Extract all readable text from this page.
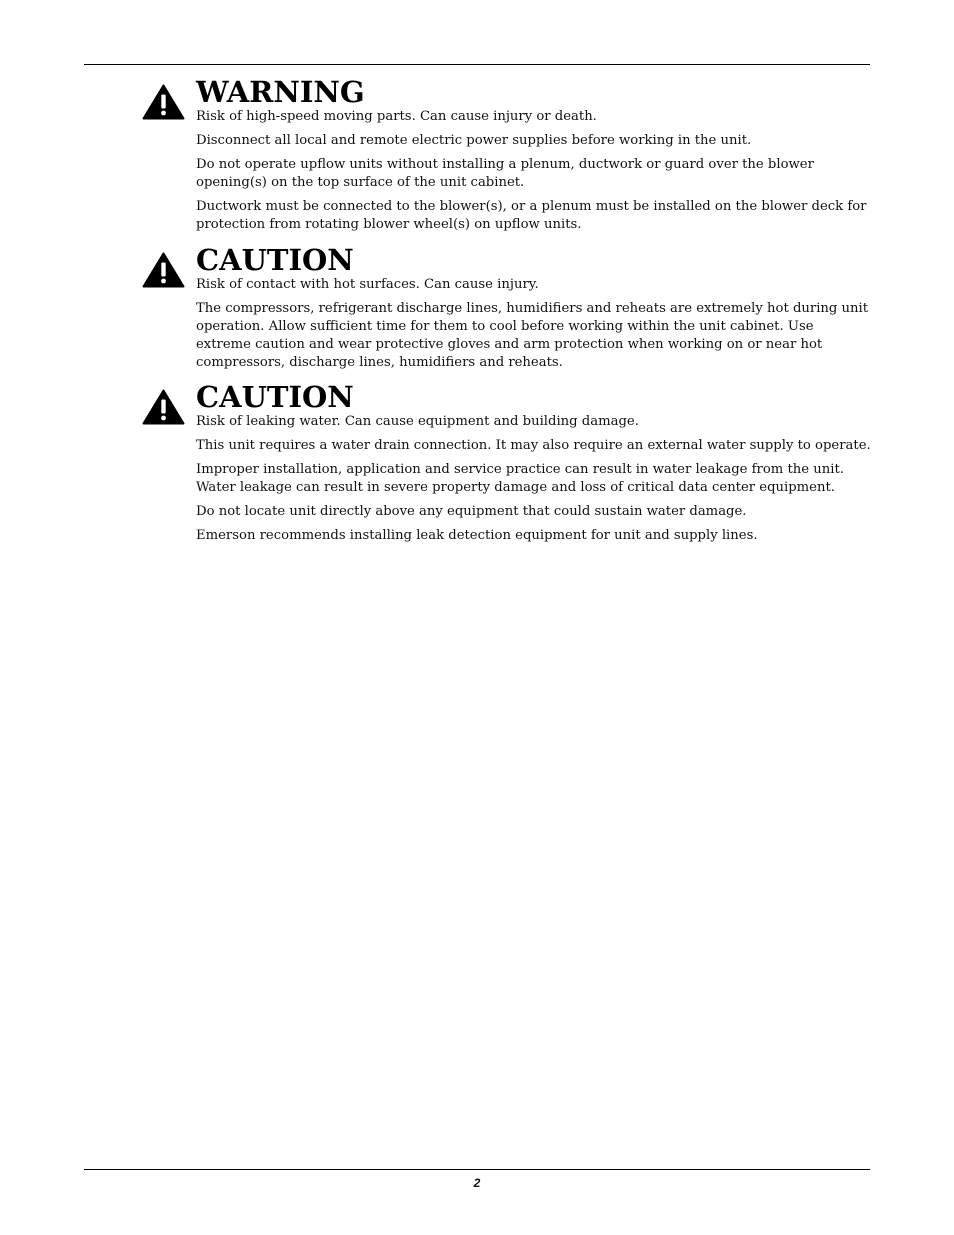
WARNING

Risk of high-speed moving parts. Can cause injury or death.

Disconnect all local and remote electric power supplies before working in the unit.

Do not operate upflow units without installing a plenum, ductwork or guard over the blower opening(s) on the top surface of the unit cabinet.

Ductwork must be connected to the blower(s), or a plenum must be installed on the blower deck for protection from rotating blower wheel(s) on upflow units.

CAUTION

Risk of contact with hot surfaces. Can cause injury.

The compressors, refrigerant discharge lines, humidifiers and reheats are extremely hot during unit operation. Allow sufficient time for them to cool before working within the unit cabinet. Use extreme caution and wear protective gloves and arm protection when working on or near hot compressors, discharge lines, humidifiers and reheats.

CAUTION

Risk of leaking water. Can cause equipment and building damage.

This unit requires a water drain connection. It may also require an external water supply to operate.

Improper installation, application and service practice can result in water leakage from the unit. Water leakage can result in severe property damage and loss of critical data center equipment.

Do not locate unit directly above any equipment that could sustain water damage.

Emerson recommends installing leak detection equipment for unit and supply lines.

2
